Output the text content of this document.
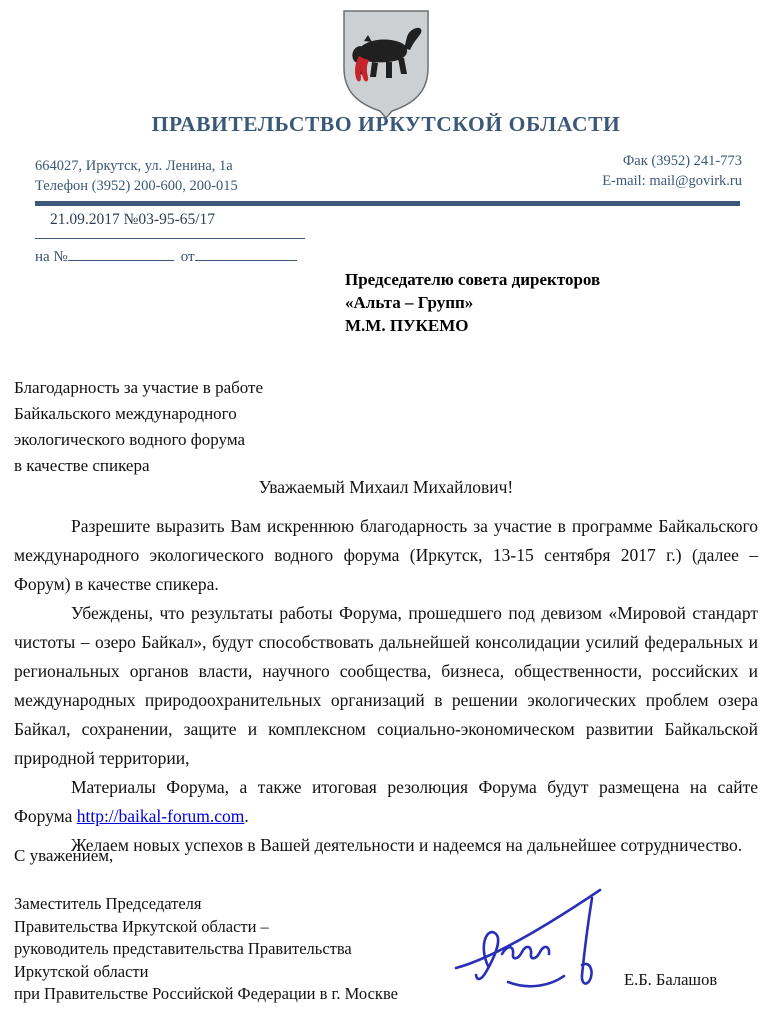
ПРАВИТЕЛЬСТВО ИРКУТСКОЙ ОБЛАСТИ
664027, Иркутск, ул. Ленина, 1а
Телефон (3952) 200-600, 200-015
Фак (3952) 241-773
E-mail: mail@govirk.ru
21.09.2017 №03-95-65/17
на №	от
Председателю совета директоров
«Альта – Групп»
М.М. ПУКЕМО
Благодарность за участие в работе
Байкальского международного
экологического водного форума
в качестве спикера

Уважаемый Михаил Михайлович!

Разрешите выразить Вам искреннюю благодарность за участие в программе Байкальского международного экологического водного форума (Иркутск, 13-15 сентября 2017 г.) (далее – Форум) в качестве спикера.

Убеждены, что результаты работы Форума, прошедшего под девизом «Мировой стандарт чистоты – озеро Байкал», будут способствовать дальнейшей консолидации усилий федеральных и региональных органов власти, научного сообщества, бизнеса, общественности, российских и международных природоохранительных организаций в решении экологических проблем озера Байкал, сохранении, защите и комплексном социально-экономическом развитии Байкальской природной территории,

Материалы Форума, а также итоговая резолюция Форума будут размещена на сайте Форума http://baikal-forum.com.

Желаем новых успехов в Вашей деятельности и надеемся на дальнейшее сотрудничество.

С уважением,
Заместитель Председателя
Правительства Иркутской области –
руководитель представительства Правительства
Иркутской области
при Правительстве Российской Федерации в г. Москве
Е.Б. Балашов
